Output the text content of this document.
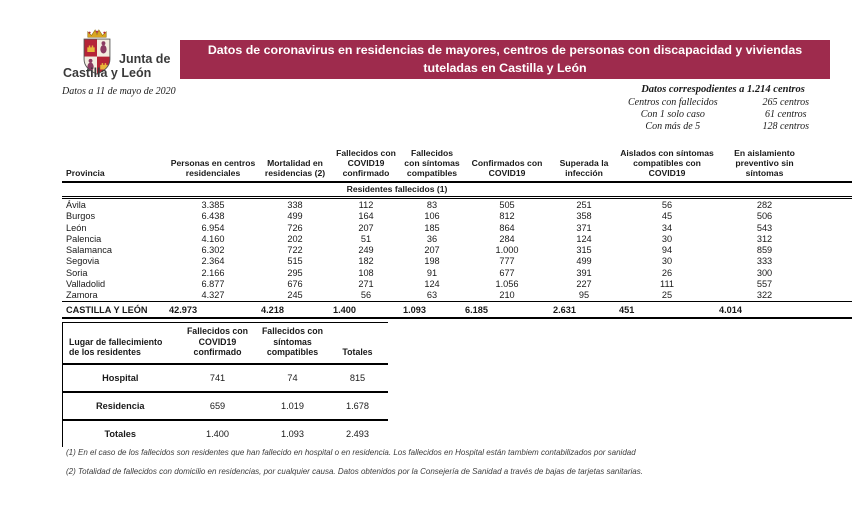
Junta de
Castilla y León
Datos a 11 de mayo de 2020
Datos de coronavirus en residencias de mayores, centros de personas con discapacidad y viviendas tuteladas en Castilla y León
Datos correspodientes a 1.214 centros
Centros con fallecidos	265 centros
Con 1 solo caso	61 centros
Con más de 5	128 centros
Provincia	Personas en centros residenciales	Mortalidad en residencias (2)	Fallecidos con COVID19 confirmado	Fallecidos con síntomas compatibles	Confirmados con COVID19	Superada la infección	Aislados con síntomas compatibles con COVID19	En aislamiento preventivo sin síntomas	
			Residentes fallecidos (1)						
Ávila	3.385	338	112	83	505	251	56	282	
Burgos	6.438	499	164	106	812	358	45	506	
León	6.954	726	207	185	864	371	34	543	
Palencia	4.160	202	51	36	284	124	30	312	
Salamanca	6.302	722	249	207	1.000	315	94	859	
Segovia	2.364	515	182	198	777	499	30	333	
Soria	2.166	295	108	91	677	391	26	300	
Valladolid	6.877	676	271	124	1.056	227	111	557	
Zamora	4.327	245	56	63	210	95	25	322	
CASTILLA Y LEÓN	42.973	4.218	1.400	1.093	6.185	2.631	451	4.014	
Lugar de fallecimiento de los residentes	Fallecidos con COVID19 confirmado	Fallecidos con síntomas compatibles	Totales
Hospital	741	74	815
Residencia	659	1.019	1.678
Totales	1.400	1.093	2.493
(1) En el caso de los fallecidos son residentes que han fallecido en hospital o en residencia. Los fallecidos en Hospital están tambiem contabilizados por sanidad
(2) Totalidad de fallecidos con domicilio en residencias, por cualquier causa. Datos obtenidos por la Consejería de Sanidad a través de bajas de tarjetas sanitarias.
